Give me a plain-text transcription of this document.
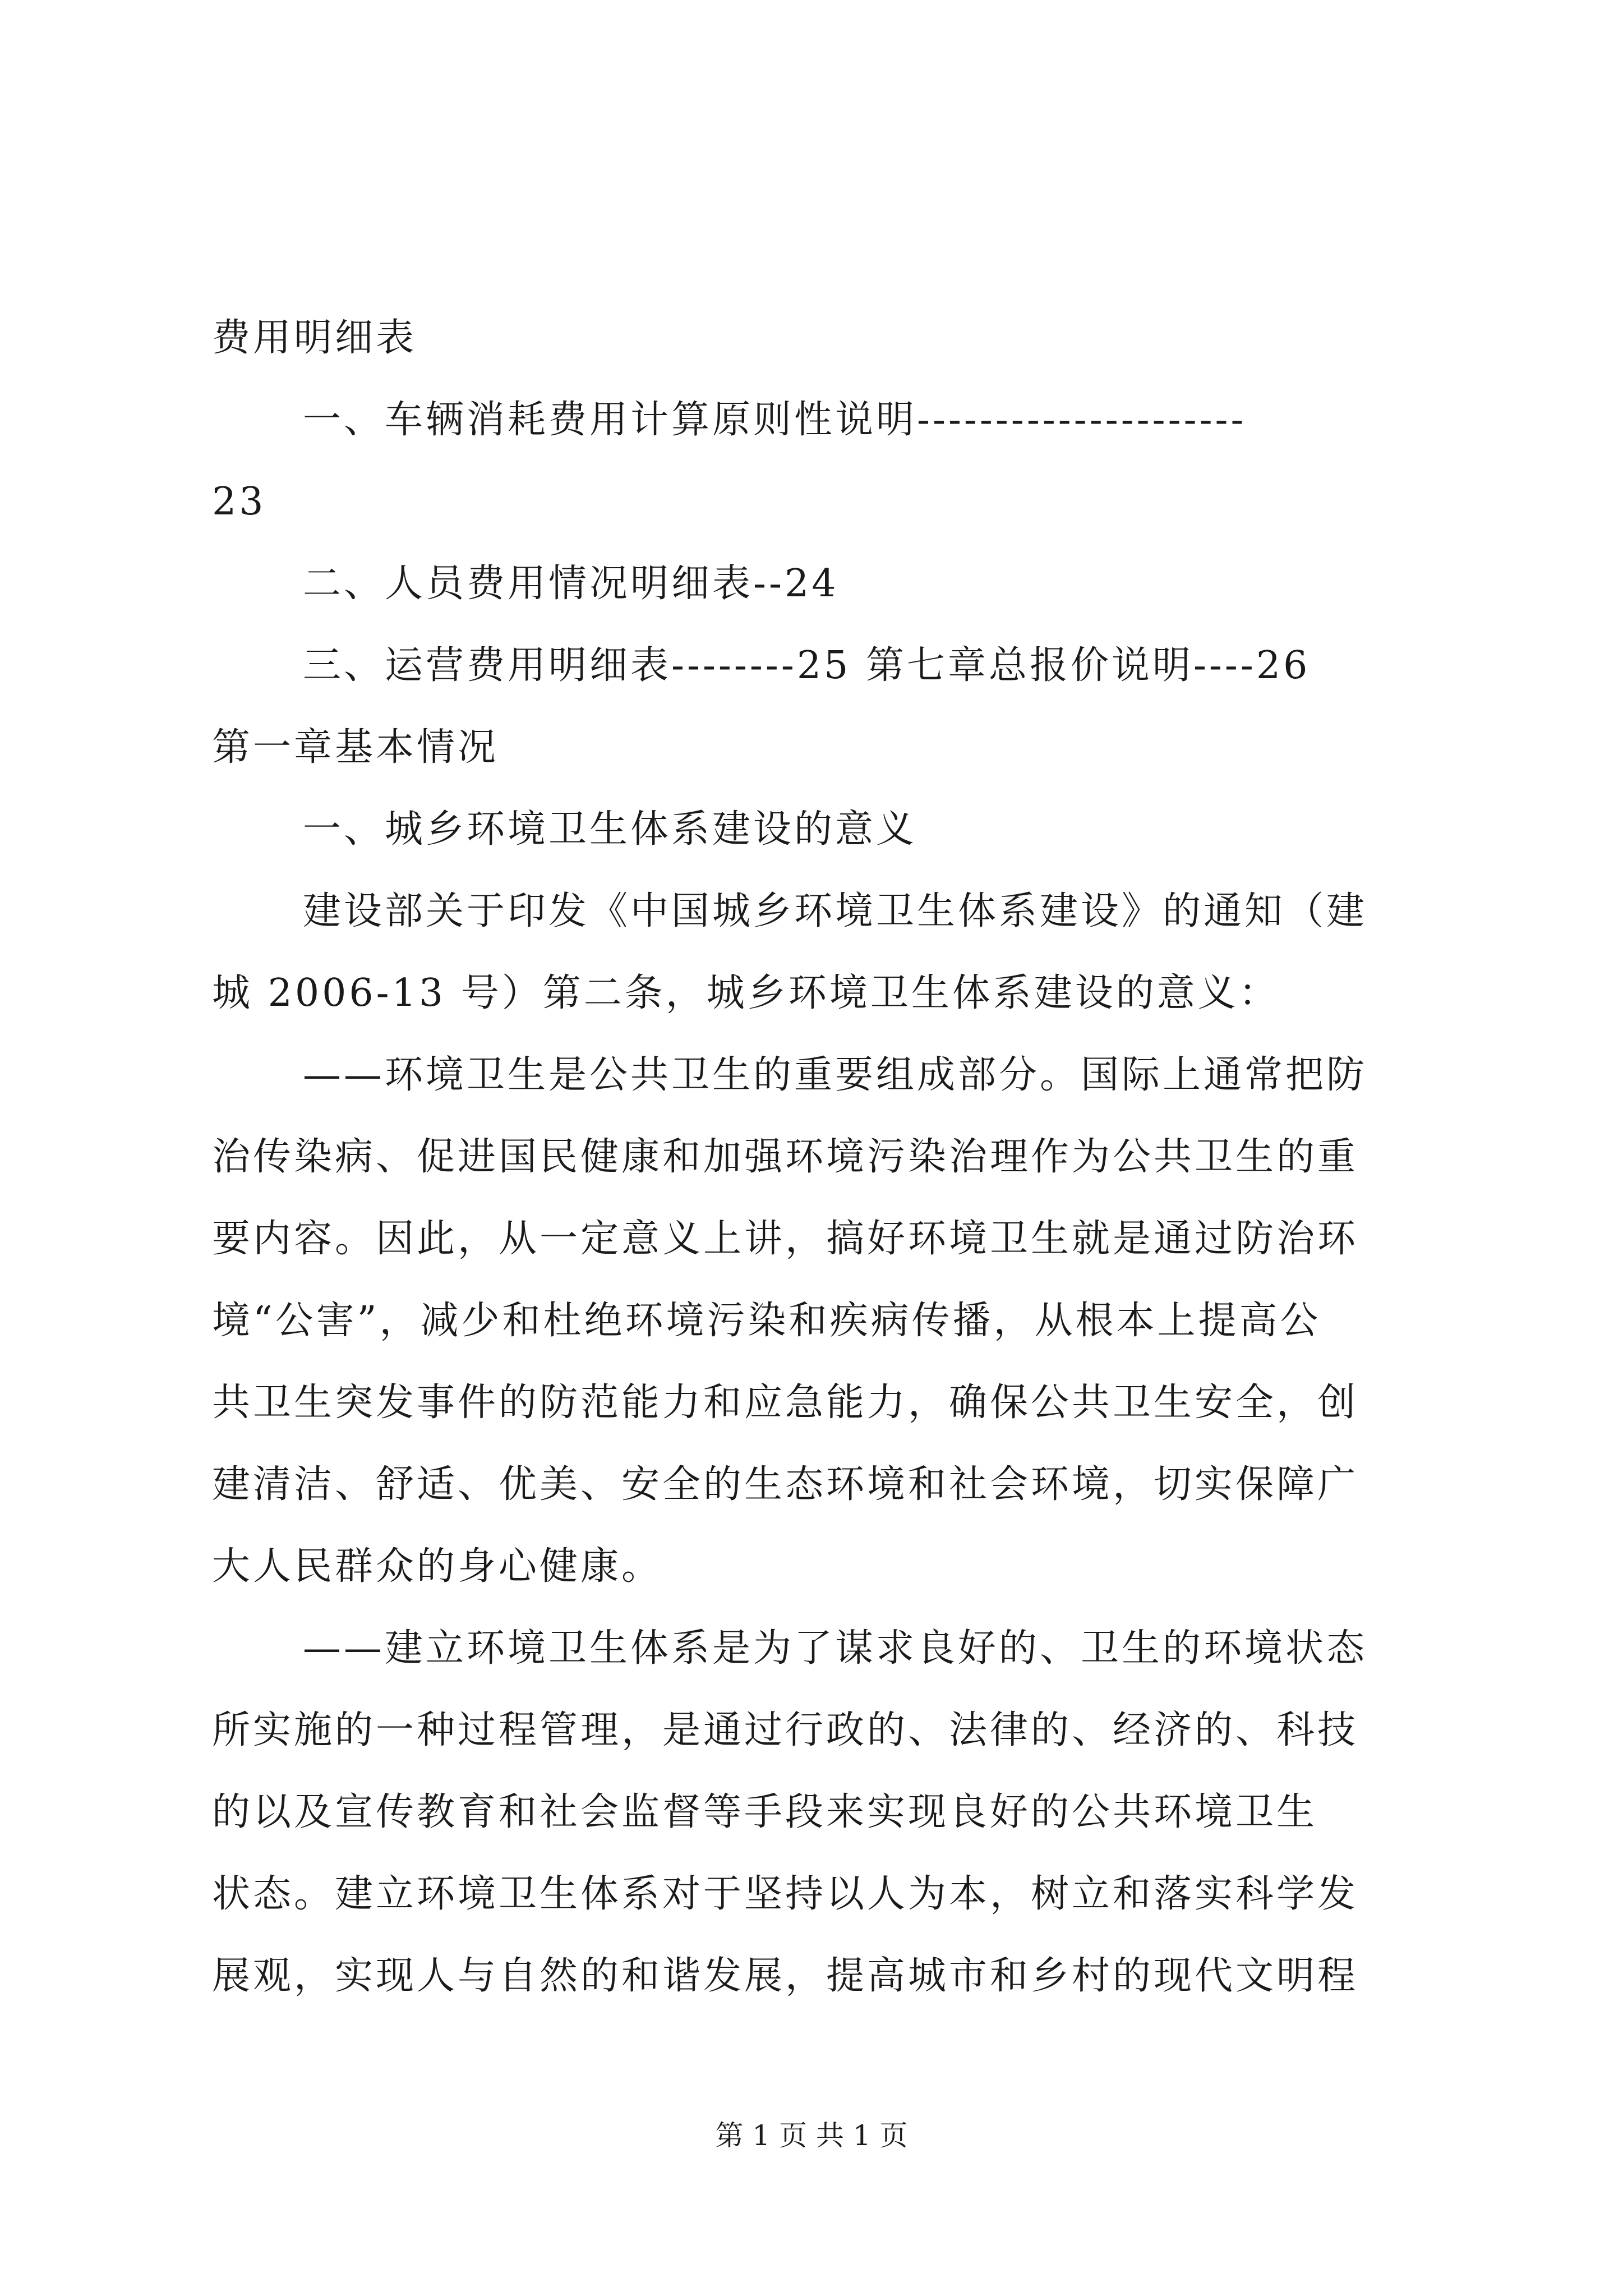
费用明细表
一、车辆消耗费用计算原则性说明---------------------
23
二、人员费用情况明细表--24
三、运营费用明细表--------25 第七章总报价说明----26
第一章基本情况
一、城乡环境卫生体系建设的意义
建设部关于印发《中国城乡环境卫生体系建设》的通知（建
城 2006-13 号）第二条，城乡环境卫生体系建设的意义：
——环境卫生是公共卫生的重要组成部分。国际上通常把防
治传染病、促进国民健康和加强环境污染治理作为公共卫生的重
要内容。因此，从一定意义上讲，搞好环境卫生就是通过防治环
境“公害”，减少和杜绝环境污染和疾病传播，从根本上提高公
共卫生突发事件的防范能力和应急能力，确保公共卫生安全，创
建清洁、舒适、优美、安全的生态环境和社会环境，切实保障广
大人民群众的身心健康。
——建立环境卫生体系是为了谋求良好的、卫生的环境状态
所实施的一种过程管理，是通过行政的、法律的、经济的、科技
的以及宣传教育和社会监督等手段来实现良好的公共环境卫生
状态。建立环境卫生体系对于坚持以人为本，树立和落实科学发
展观，实现人与自然的和谐发展，提高城市和乡村的现代文明程
第 1 页 共 1 页
